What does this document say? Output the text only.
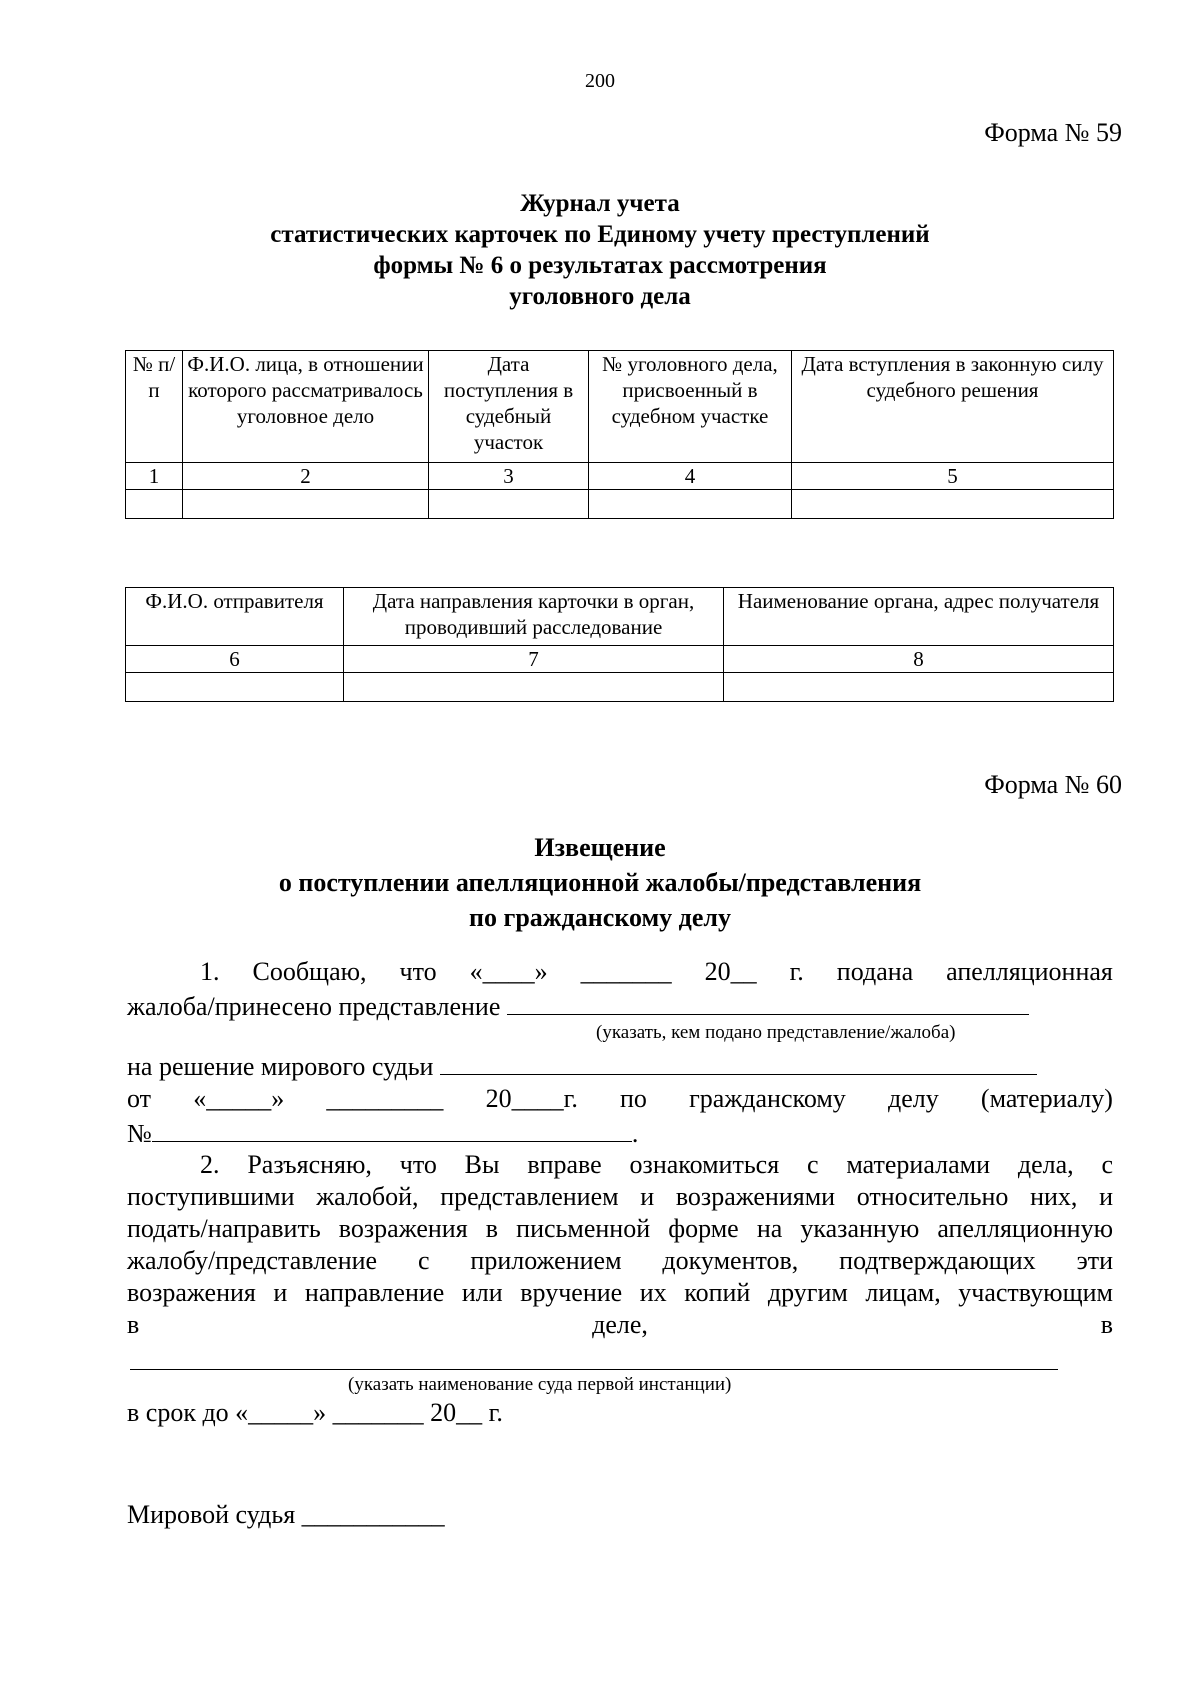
200
Форма № 59
Журнал учета
статистических карточек по Единому учету преступлений
формы № 6 о результатах рассмотрения
уголовного дела
№ п/п	Ф.И.О. лица, в отношении которого рассматривалось уголовное дело	Дата поступления в судебный участок	№ уголовного дела, присвоенный в судебном участке	Дата вступления в законную силу судебного решения
1	2	3	4	5

Ф.И.О. отправителя	Дата направления карточки в орган, проводивший расследование	Наименование органа, адрес получателя
6	7	8

Форма № 60
Извещение
о поступлении апелляционной жалобы/представления
по гражданскому делу
1. Сообщаю, что «____» _______ 20__ г. подана апелляционная
жалоба/принесено представление
(указать, кем подано представление/жалоба)
на решение мирового судьи
от «_____» _________ 20____г. по гражданскому делу (материалу)
№	.
2. Разъясняю, что Вы вправе ознакомиться с материалами дела, с
поступившими жалобой, представлением и возражениями относительно них, и
подать/направить возражения в письменной форме на указанную апелляционную
жалобу/представление с приложением документов, подтверждающих эти
возражения и направление или вручение их копий другим лицам, участвующим
в	деле,	в
(указать наименование суда первой инстанции)
в срок до «_____» _______ 20__ г.
Мировой судья ___________
